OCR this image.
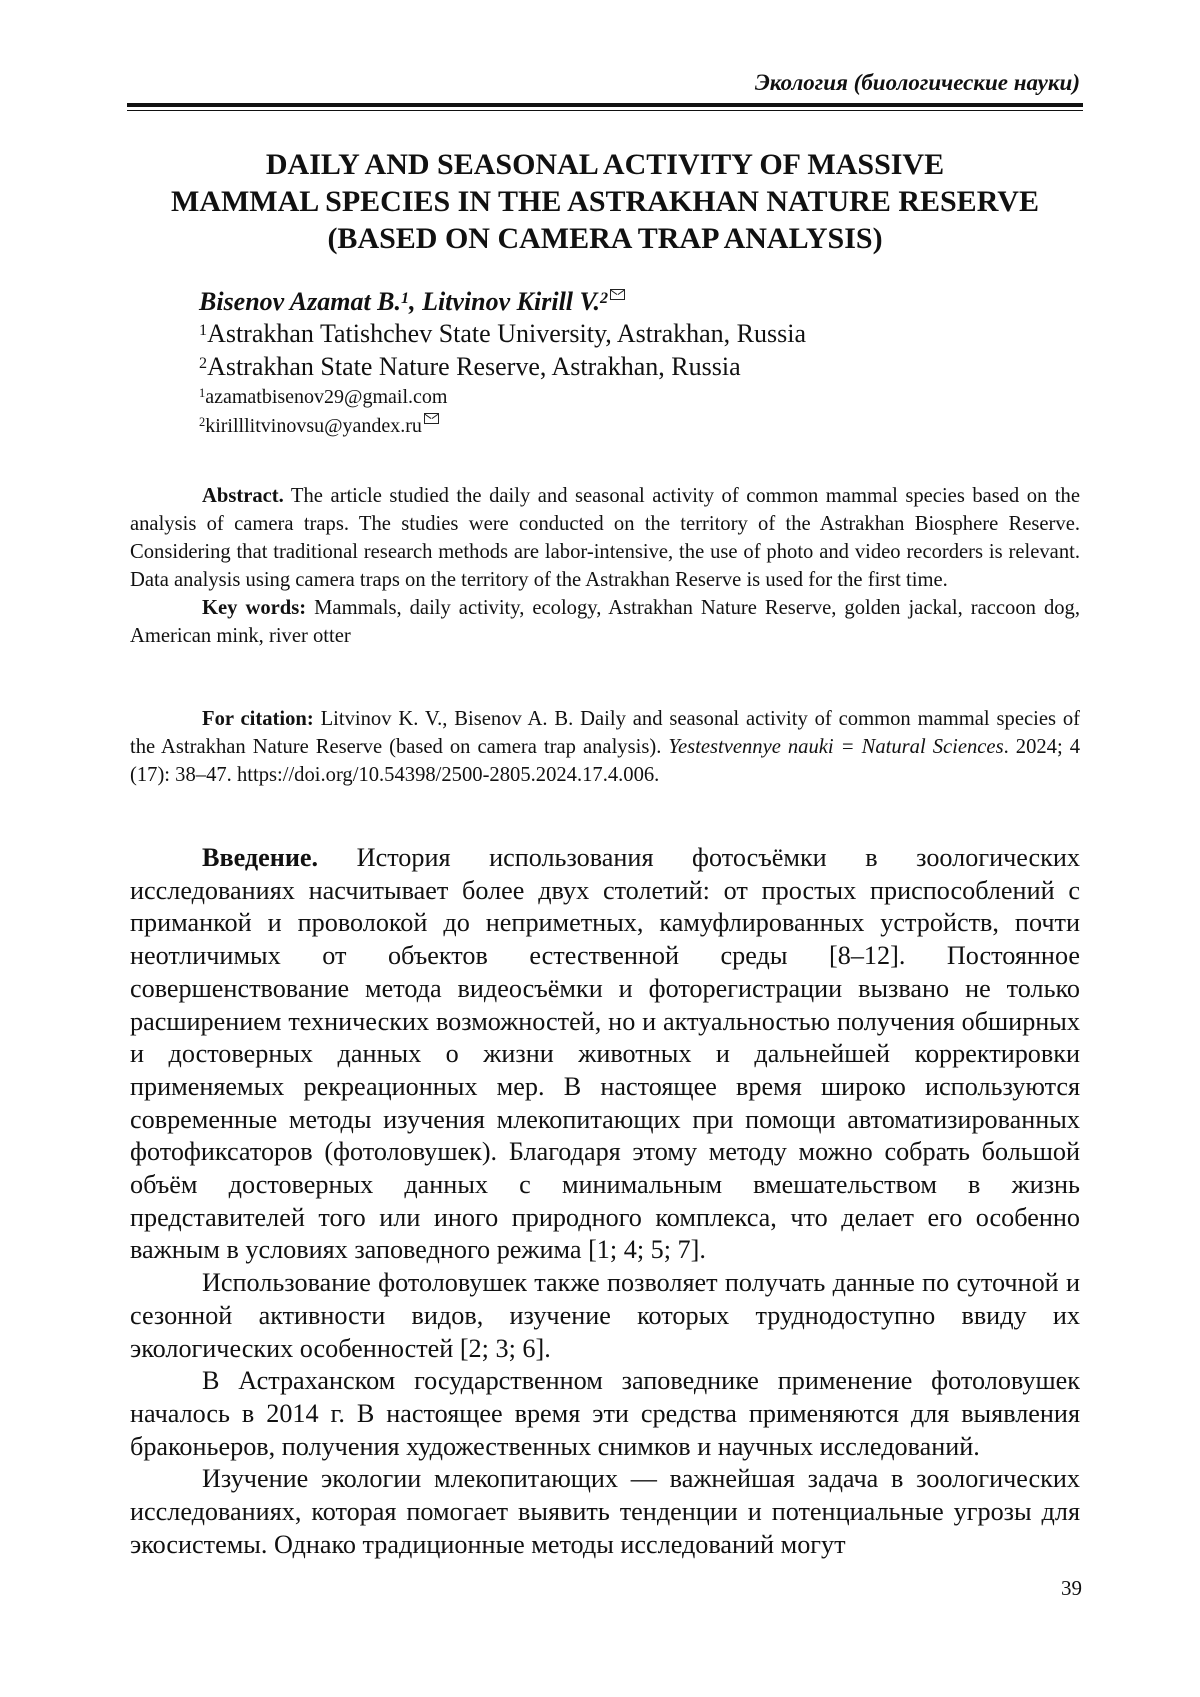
Экология (биологические науки)
DAILY AND SEASONAL ACTIVITY OF MASSIVE
MAMMAL SPECIES IN THE ASTRAKHAN NATURE RESERVE
(BASED ON CAMERA TRAP ANALYSIS)
Bisenov Azamat B.$^1$, Litvinov Kirill V.$^2$
$^1$Astrakhan Tatishchev State University, Astrakhan, Russia
$^2$Astrakhan State Nature Reserve, Astrakhan, Russia
$^1$azamatbisenov29@gmail.com
$^2$kirilllitvinovsu@yandex.ru

Abstract. The article studied the daily and seasonal activity of common mammal species based on the analysis of camera traps. The studies were conducted on the territory of the Astrakhan Biosphere Reserve. Considering that traditional research methods are labor-intensive, the use of photo and video recorders is relevant. Data analysis using camera traps on the territory of the Astrakhan Reserve is used for the first time.

Key words: Mammals, daily activity, ecology, Astrakhan Nature Reserve, golden jackal, raccoon dog, American mink, river otter

For citation: Litvinov K. V., Bisenov A. B. Daily and seasonal activity of common mammal species of the Astrakhan Nature Reserve (based on camera trap analysis). Yestestvennye nauki = Natural Sciences. 2024; 4 (17): 38–47. https://doi.org/10.54398/2500-2805.2024.17.4.006.

Введение. История использования фотосъёмки в зоологических исследованиях насчитывает более двух столетий: от простых приспособлений с приманкой и проволокой до неприметных, камуфлированных устройств, почти неотличимых от объектов естественной среды [8–12]. Постоянное совершенствование метода видеосъёмки и фоторегистрации вызвано не только расширением технических возможностей, но и актуальностью получения обширных и достоверных данных о жизни животных и дальнейшей корректировки применяемых рекреационных мер. В настоящее время широко используются современные методы изучения млекопитающих при помощи автоматизированных фотофиксаторов (фотоловушек). Благодаря этому методу можно собрать большой объём достоверных данных с минимальным вмешательством в жизнь представителей того или иного природного комплекса, что делает его особенно важным в условиях заповедного режима [1; 4; 5; 7].

Использование фотоловушек также позволяет получать данные по суточной и сезонной активности видов, изучение которых труднодоступно ввиду их экологических особенностей [2; 3; 6].

В Астраханском государственном заповеднике применение фотоловушек началось в 2014 г. В настоящее время эти средства применяются для выявления браконьеров, получения художественных снимков и научных исследований.

Изучение экологии млекопитающих — важнейшая задача в зоологических исследованиях, которая помогает выявить тенденции и потенциальные угрозы для экосистемы. Однако традиционные методы исследований могут

39
